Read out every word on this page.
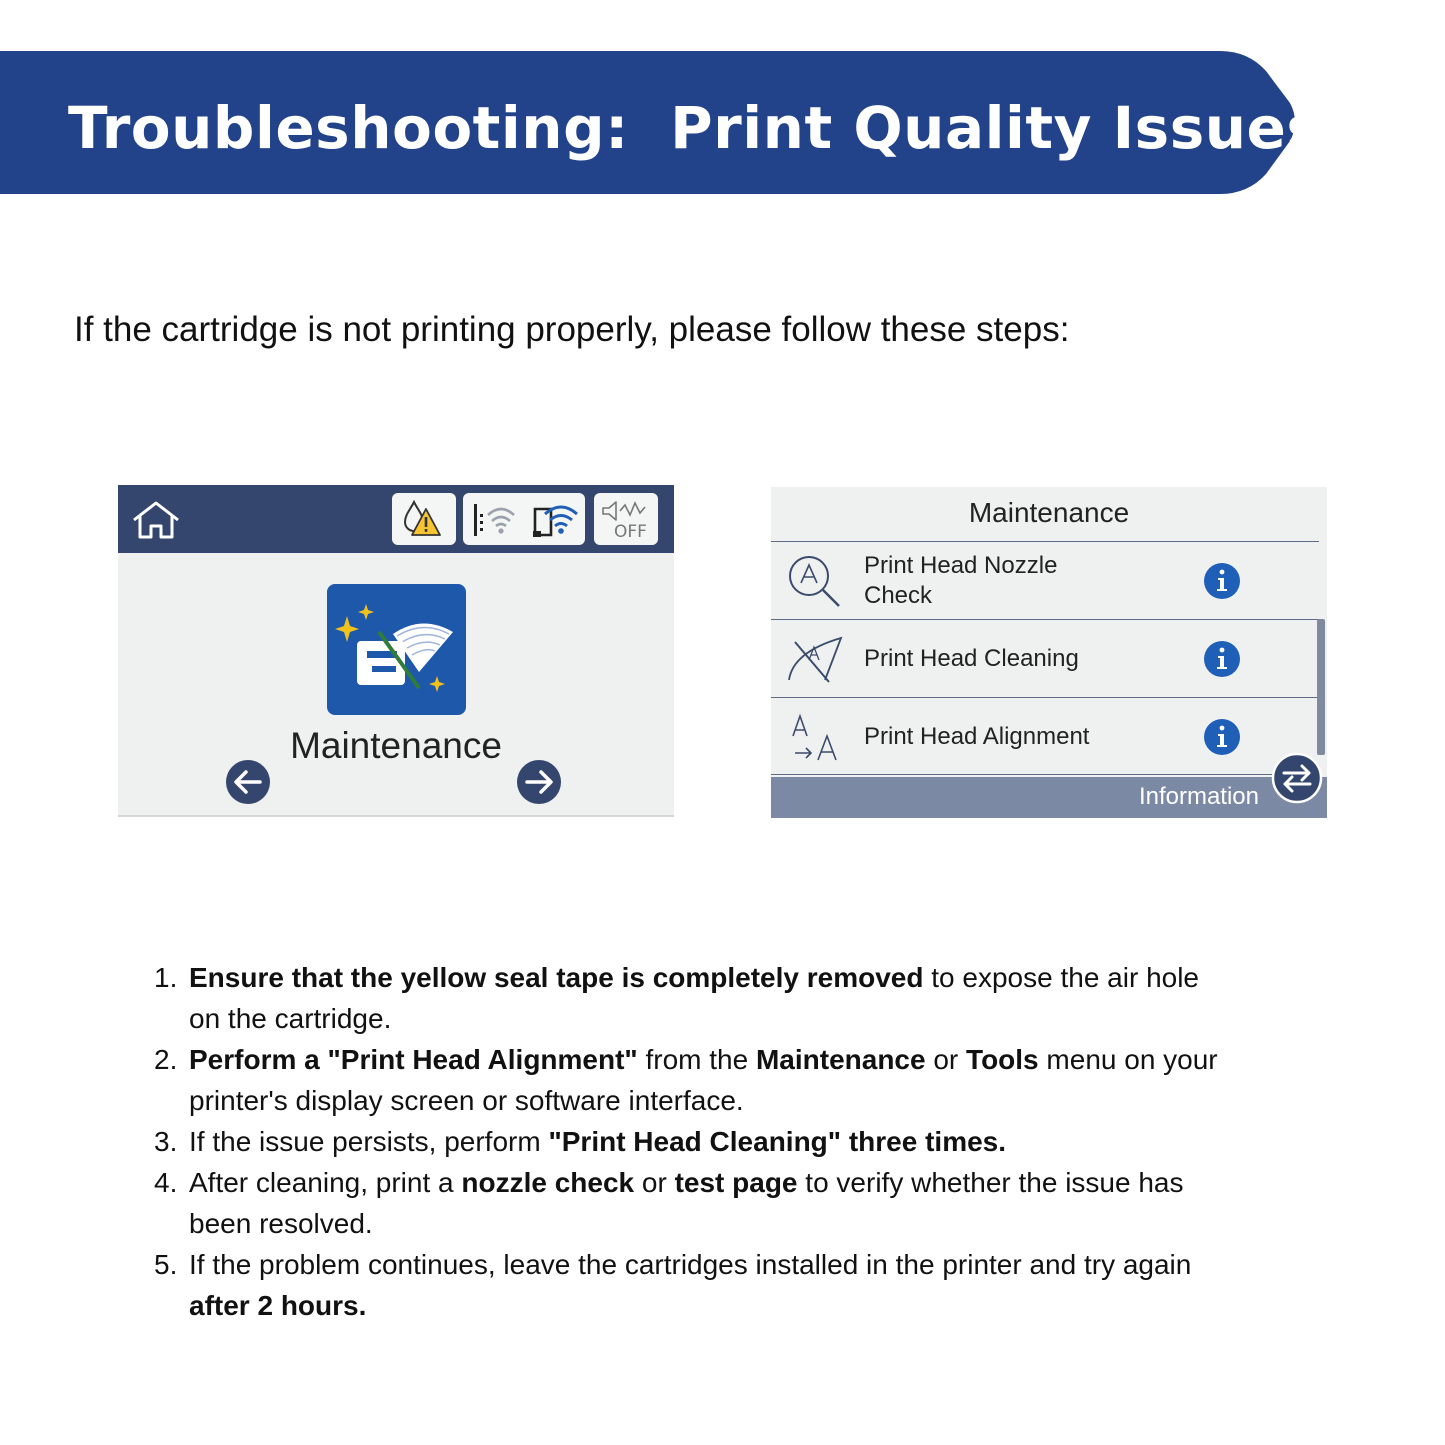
Troubleshooting:  Print Quality Issues
If the cartridge is not printing properly, please follow these steps:
OFF
Maintenance
Maintenance
Print Head Nozzle Check
Print Head Cleaning
Print Head Alignment
Information
1. Ensure that the yellow seal tape is completely removed to expose the air hole
on the cartridge.
2. Perform a "Print Head Alignment" from the Maintenance or Tools menu on your
printer's display screen or software interface.
3. If the issue persists, perform "Print Head Cleaning" three times.
4. After cleaning, print a nozzle check or test page to verify whether the issue has
been resolved.
5. If the problem continues, leave the cartridges installed in the printer and try again
after 2 hours.
